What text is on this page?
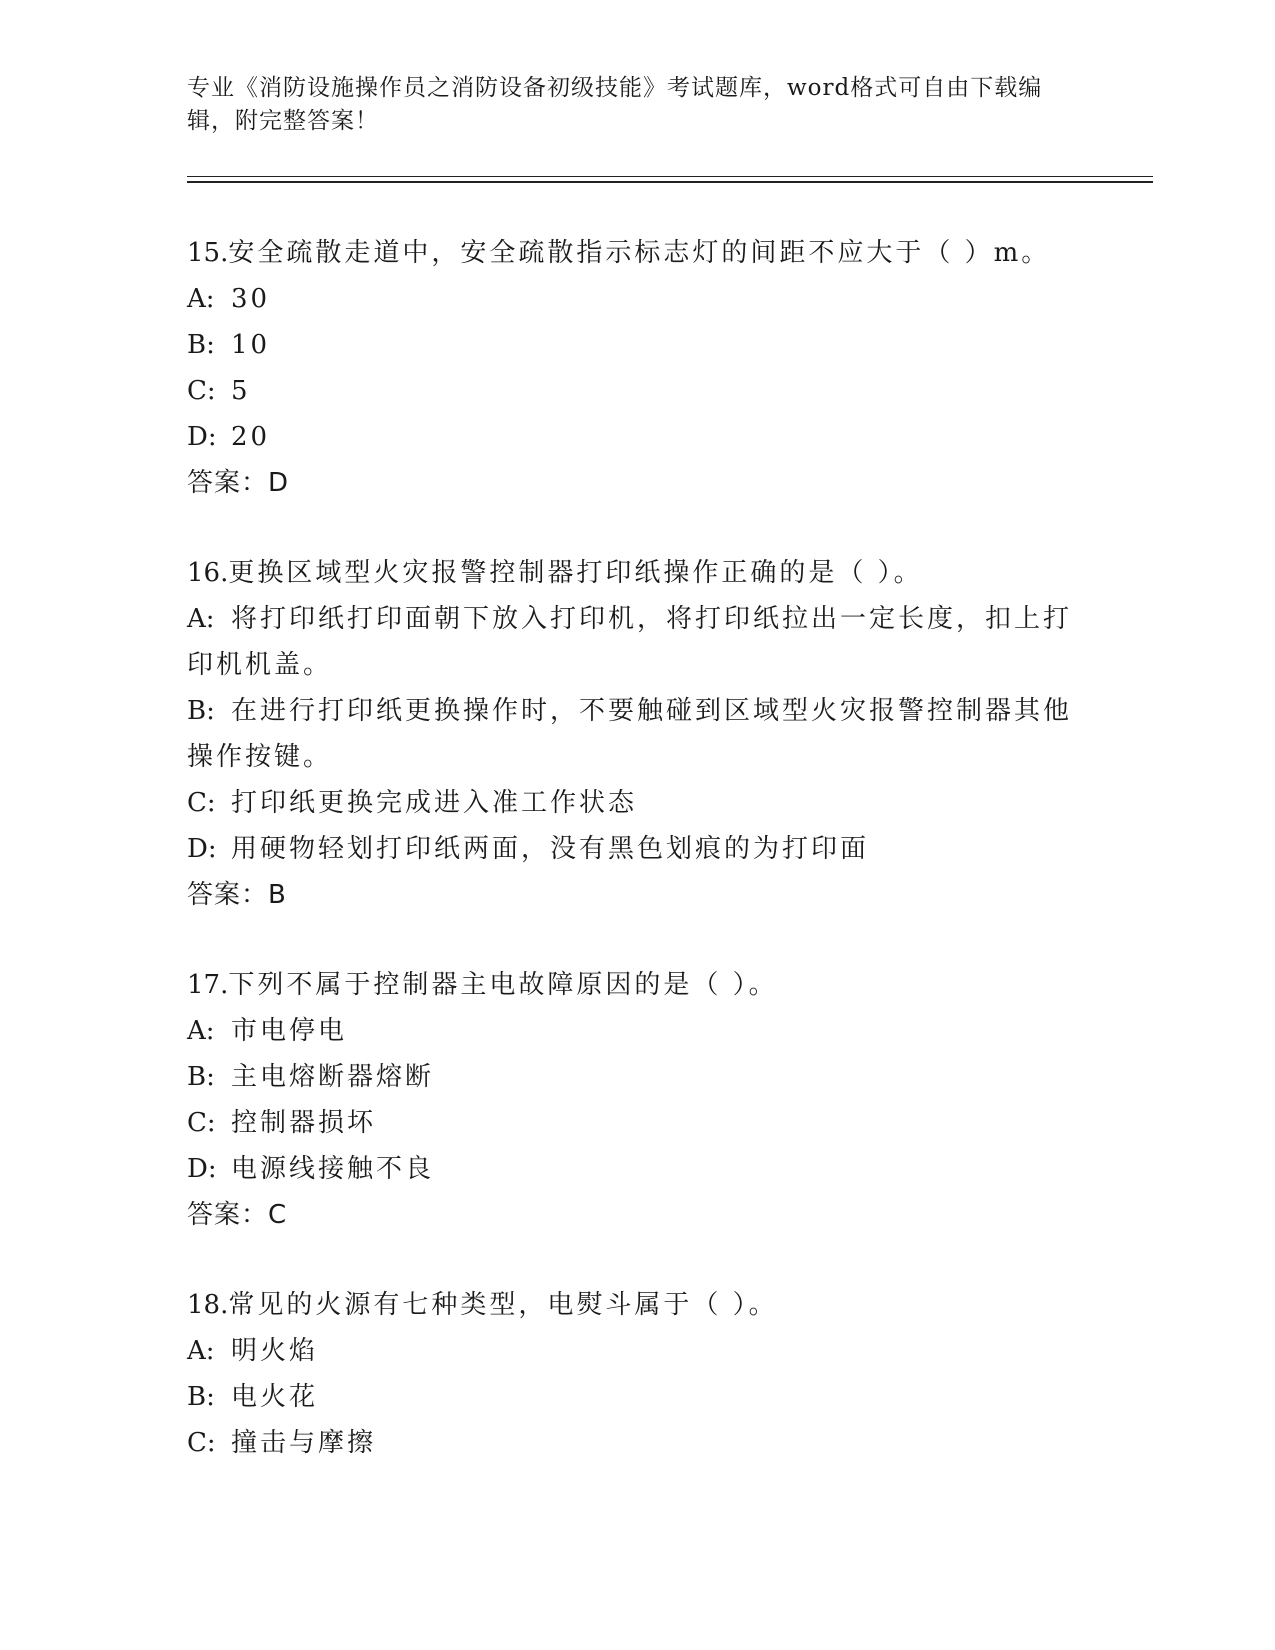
专业《消防设施操作员之消防设备初级技能》考试题库，word格式可自由下载编辑，附完整答案！
15.安全疏散走道中，安全疏散指示标志灯的间距不应大于（ ）m。
A: 30
B: 10
C: 5
D: 20
答案：D
16.更换区域型火灾报警控制器打印纸操作正确的是（ ）。
A: 将打印纸打印面朝下放入打印机，将打印纸拉出一定长度，扣上打印机机盖。
B: 在进行打印纸更换操作时，不要触碰到区域型火灾报警控制器其他操作按键。
C: 打印纸更换完成进入准工作状态
D: 用硬物轻划打印纸两面，没有黑色划痕的为打印面
答案：B
17.下列不属于控制器主电故障原因的是（ ）。
A: 市电停电
B: 主电熔断器熔断
C: 控制器损坏
D: 电源线接触不良
答案：C
18.常见的火源有七种类型，电熨斗属于（ ）。
A: 明火焰
B: 电火花
C: 撞击与摩擦
